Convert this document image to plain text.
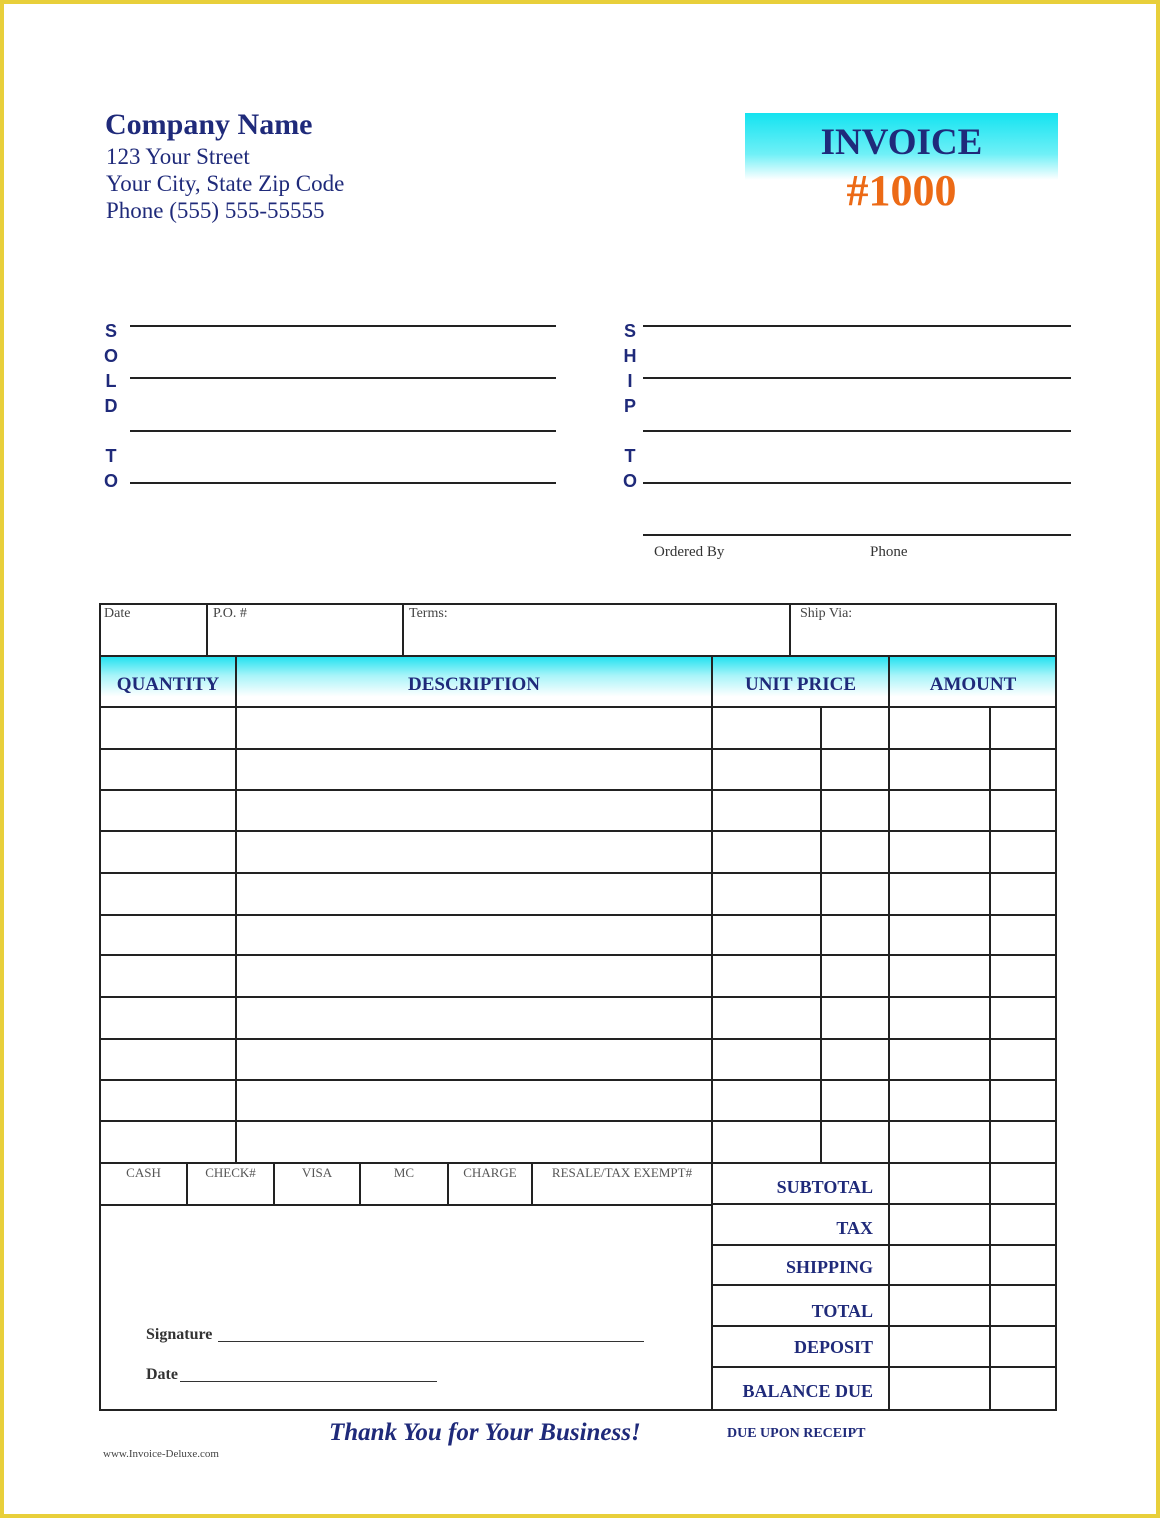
Company Name
123 Your Street
Your City, State Zip Code
Phone (555) 555-55555
INVOICE
#1000
S
O
L
D
T
O
S
H
I
P
T
O
Ordered By	Phone
Date	P.O. #	Terms:	Ship Via:
QUANTITY	DESCRIPTION	UNIT PRICE	AMOUNT
CASH	CHECK#	VISA	MC	CHARGE	RESALE/TAX EXEMPT#
Signature
Date
SUBTOTAL
TAX
SHIPPING
TOTAL
DEPOSIT
BALANCE DUE
Thank You for Your Business!	DUE UPON RECEIPT
www.Invoice-Deluxe.com
